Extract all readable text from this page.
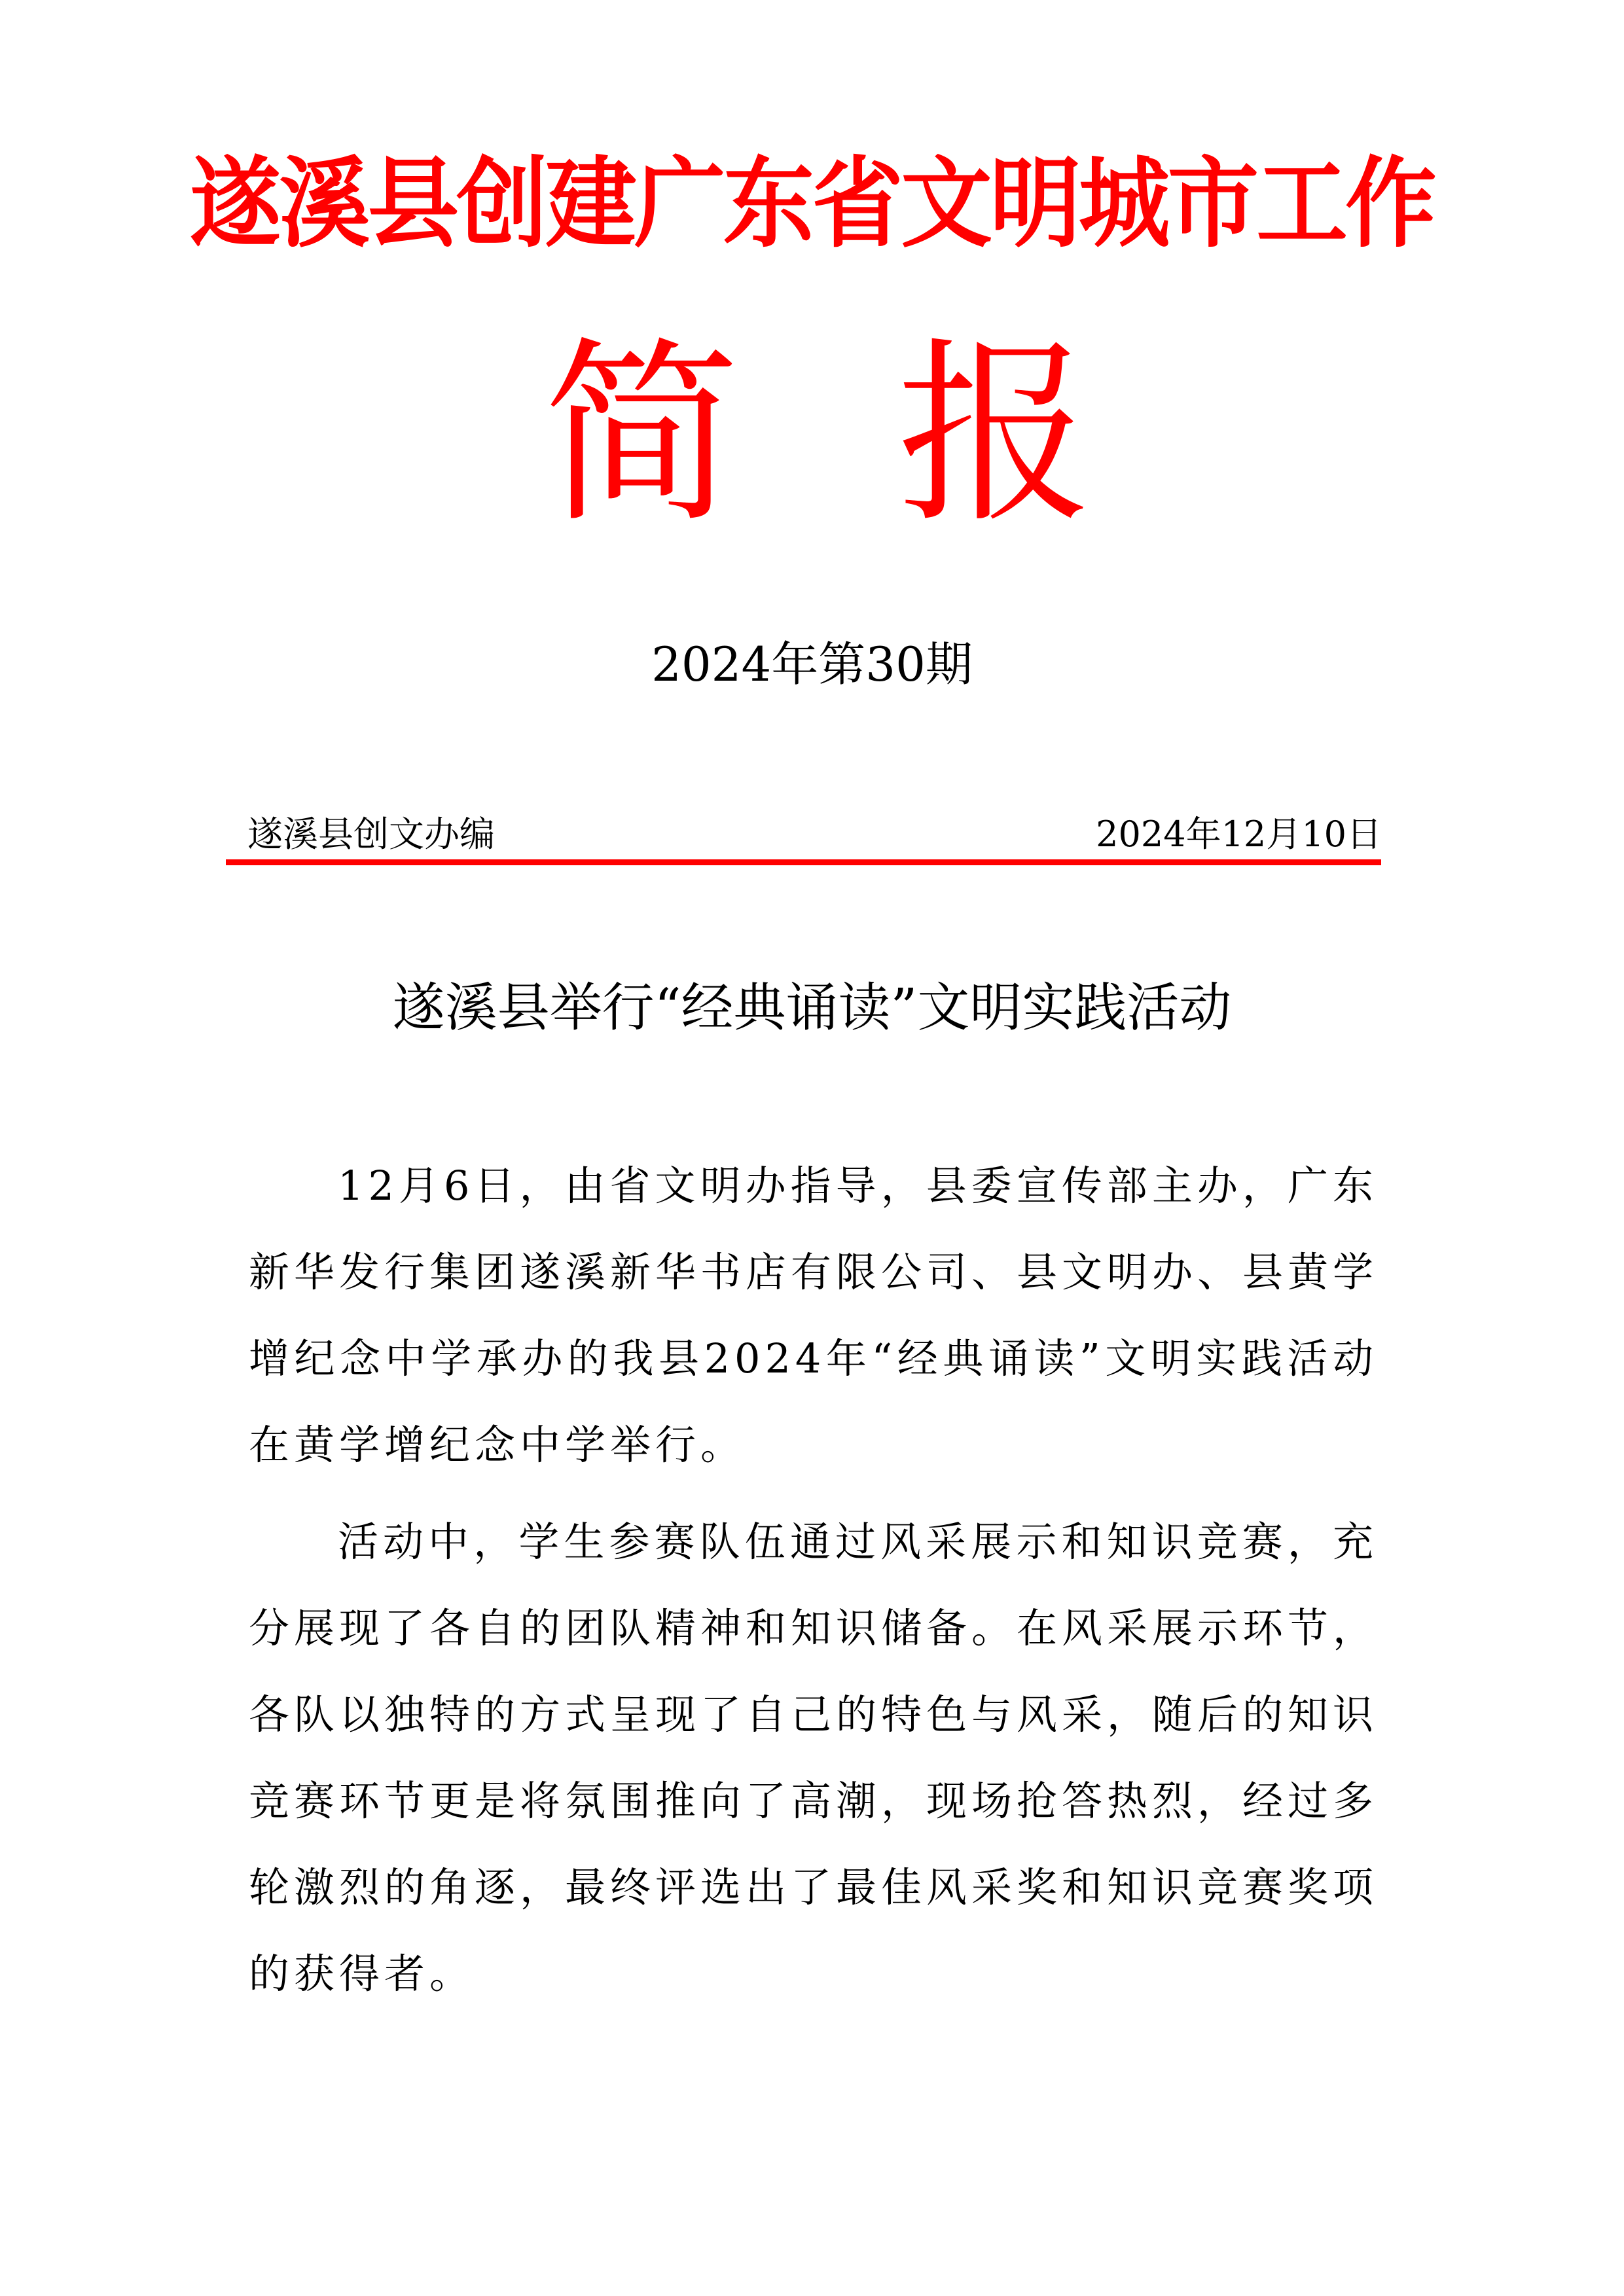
遂溪县创建广东省文明城市工作
简 报
2024年第30期
遂溪县创文办编	2024年12月10日
遂溪县举行“经典诵读”文明实践活动
12月6日，由省文明办指导，县委宣传部主办，广东新华发行集团遂溪新华书店有限公司、县文明办、县黄学增纪念中学承办的我县2024年“经典诵读”文明实践活动在黄学增纪念中学举行。
活动中，学生参赛队伍通过风采展示和知识竞赛，充分展现了各自的团队精神和知识储备。在风采展示环节，各队以独特的方式呈现了自己的特色与风采，随后的知识竞赛环节更是将氛围推向了高潮，现场抢答热烈，经过多轮激烈的角逐，最终评选出了最佳风采奖和知识竞赛奖项的获得者。
